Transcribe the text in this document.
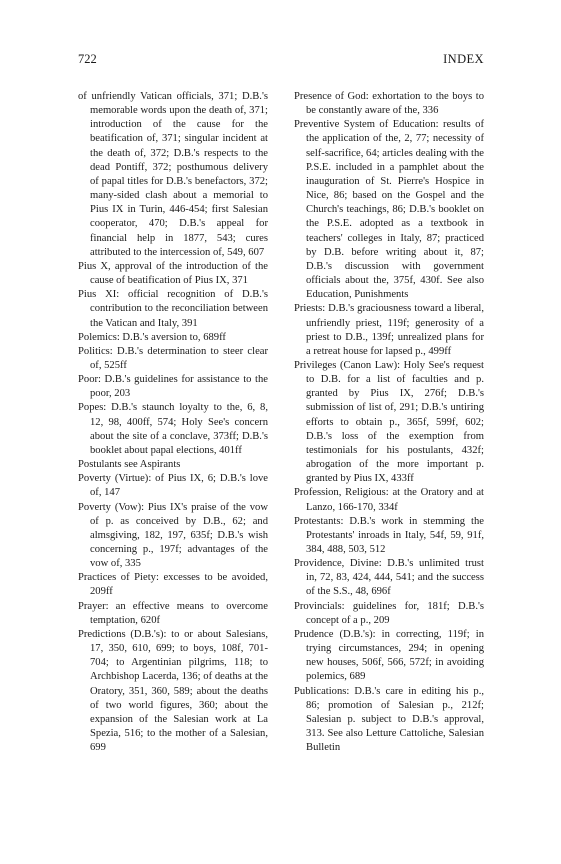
722	INDEX

of unfriendly Vatican officials, 371; D.B.'s memorable words upon the death of, 371; introduction of the cause for the beatification of, 371; singular incident at the death of, 372; D.B.'s respects to the dead Pontiff, 372; posthumous delivery of papal titles for D.B.'s benefactors, 372; many-sided clash about a memorial to Pius IX in Turin, 446-454; first Salesian cooperator, 470; D.B.'s appeal for financial help in 1877, 543; cures attributed to the intercession of, 549, 607

Pius X, approval of the introduction of the cause of beatification of Pius IX, 371

Pius XI: official recognition of D.B.'s contribution to the reconciliation between the Vatican and Italy, 391

Polemics: D.B.'s aversion to, 689ff

Politics: D.B.'s determination to steer clear of, 525ff

Poor: D.B.'s guidelines for assistance to the poor, 203

Popes: D.B.'s staunch loyalty to the, 6, 8, 12, 98, 400ff, 574; Holy See's concern about the site of a conclave, 373ff; D.B.'s booklet about papal elections, 401ff

Postulants see Aspirants

Poverty (Virtue): of Pius IX, 6; D.B.'s love of, 147

Poverty (Vow): Pius IX's praise of the vow of p. as conceived by D.B., 62; and almsgiving, 182, 197, 635f; D.B.'s wish concerning p., 197f; advantages of the vow of, 335

Practices of Piety: excesses to be avoided, 209ff

Prayer: an effective means to overcome temptation, 620f

Predictions (D.B.'s): to or about Salesians, 17, 350, 610, 699; to boys, 108f, 701-704; to Argentinian pilgrims, 118; to Archbishop Lacerda, 136; of deaths at the Oratory, 351, 360, 589; about the deaths of two world figures, 360; about the expansion of the Salesian work at La Spezia, 516; to the mother of a Salesian, 699

Presence of God: exhortation to the boys to be constantly aware of the, 336

Preventive System of Education: results of the application of the, 2, 77; necessity of self-sacrifice, 64; articles dealing with the P.S.E. included in a pamphlet about the inauguration of St. Pierre's Hospice in Nice, 86; based on the Gospel and the Church's teachings, 86; D.B.'s booklet on the P.S.E. adopted as a textbook in teachers' colleges in Italy, 87; practiced by D.B. before writing about it, 87; D.B.'s discussion with government officials about the, 375f, 430f. See also Education, Punishments

Priests: D.B.'s graciousness toward a liberal, unfriendly priest, 119f; generosity of a priest to D.B., 139f; unrealized plans for a retreat house for lapsed p., 499ff

Privileges (Canon Law): Holy See's request to D.B. for a list of faculties and p. granted by Pius IX, 276f; D.B.'s submission of list of, 291; D.B.'s untiring efforts to obtain p., 365f, 599f, 602; D.B.'s loss of the exemption from testimonials for his postulants, 432f; abrogation of the more important p. granted by Pius IX, 433ff

Profession, Religious: at the Oratory and at Lanzo, 166-170, 334f

Protestants: D.B.'s work in stemming the Protestants' inroads in Italy, 54f, 59, 91f, 384, 488, 503, 512

Providence, Divine: D.B.'s unlimited trust in, 72, 83, 424, 444, 541; and the success of the S.S., 48, 696f

Provincials: guidelines for, 181f; D.B.'s concept of a p., 209

Prudence (D.B.'s): in correcting, 119f; in trying circumstances, 294; in opening new houses, 506f, 566, 572f; in avoiding polemics, 689

Publications: D.B.'s care in editing his p., 86; promotion of Salesian p., 212f; Salesian p. subject to D.B.'s approval, 313. See also Letture Cattoliche, Salesian Bulletin
